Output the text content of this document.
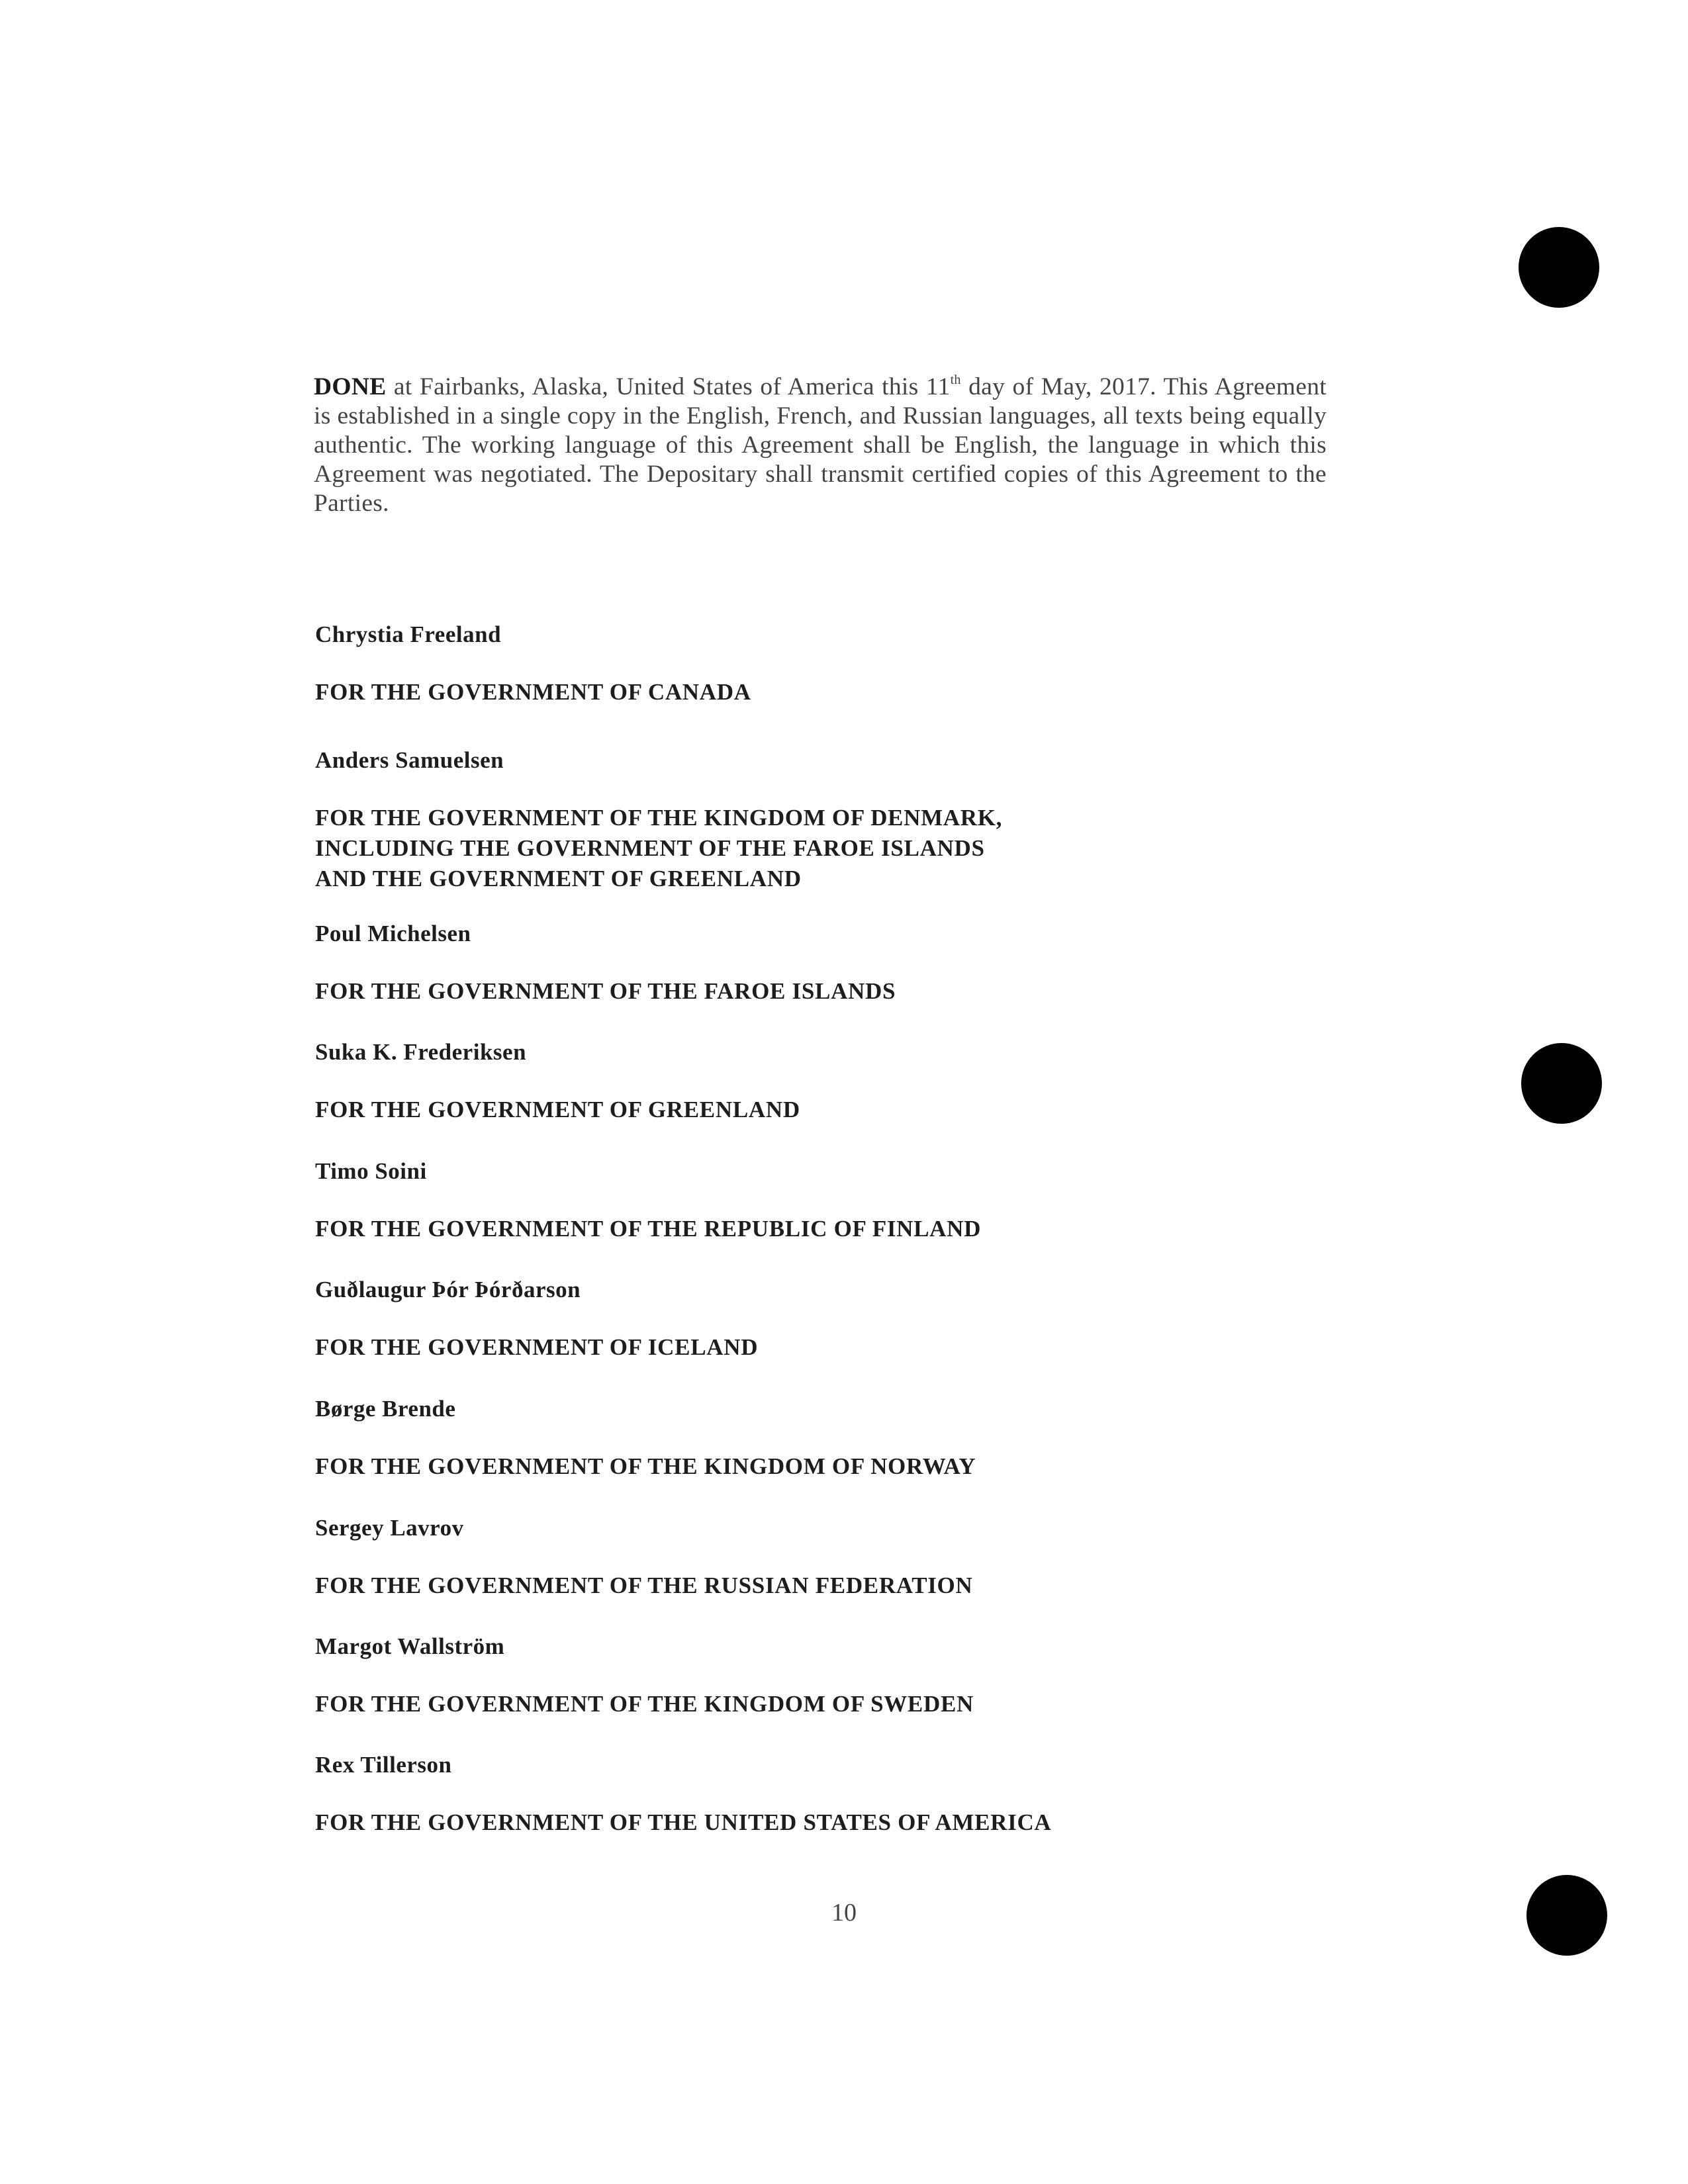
DONE at Fairbanks, Alaska, United States of America this 11th day of May, 2017. This Agreement is established in a single copy in the English, French, and Russian languages, all texts being equally authentic. The working language of this Agreement shall be English, the language in which this Agreement was negotiated. The Depositary shall transmit certified copies of this Agreement to the Parties.

Chrystia Freeland
FOR THE GOVERNMENT OF CANADA
Anders Samuelsen
FOR THE GOVERNMENT OF THE KINGDOM OF DENMARK,
INCLUDING THE GOVERNMENT OF THE FAROE ISLANDS
AND THE GOVERNMENT OF GREENLAND
Poul Michelsen
FOR THE GOVERNMENT OF THE FAROE ISLANDS
Suka K. Frederiksen
FOR THE GOVERNMENT OF GREENLAND
Timo Soini
FOR THE GOVERNMENT OF THE REPUBLIC OF FINLAND
Guðlaugur Þór Þórðarson
FOR THE GOVERNMENT OF ICELAND
Børge Brende
FOR THE GOVERNMENT OF THE KINGDOM OF NORWAY
Sergey Lavrov
FOR THE GOVERNMENT OF THE RUSSIAN FEDERATION
Margot Wallström
FOR THE GOVERNMENT OF THE KINGDOM OF SWEDEN
Rex Tillerson
FOR THE GOVERNMENT OF THE UNITED STATES OF AMERICA
10
